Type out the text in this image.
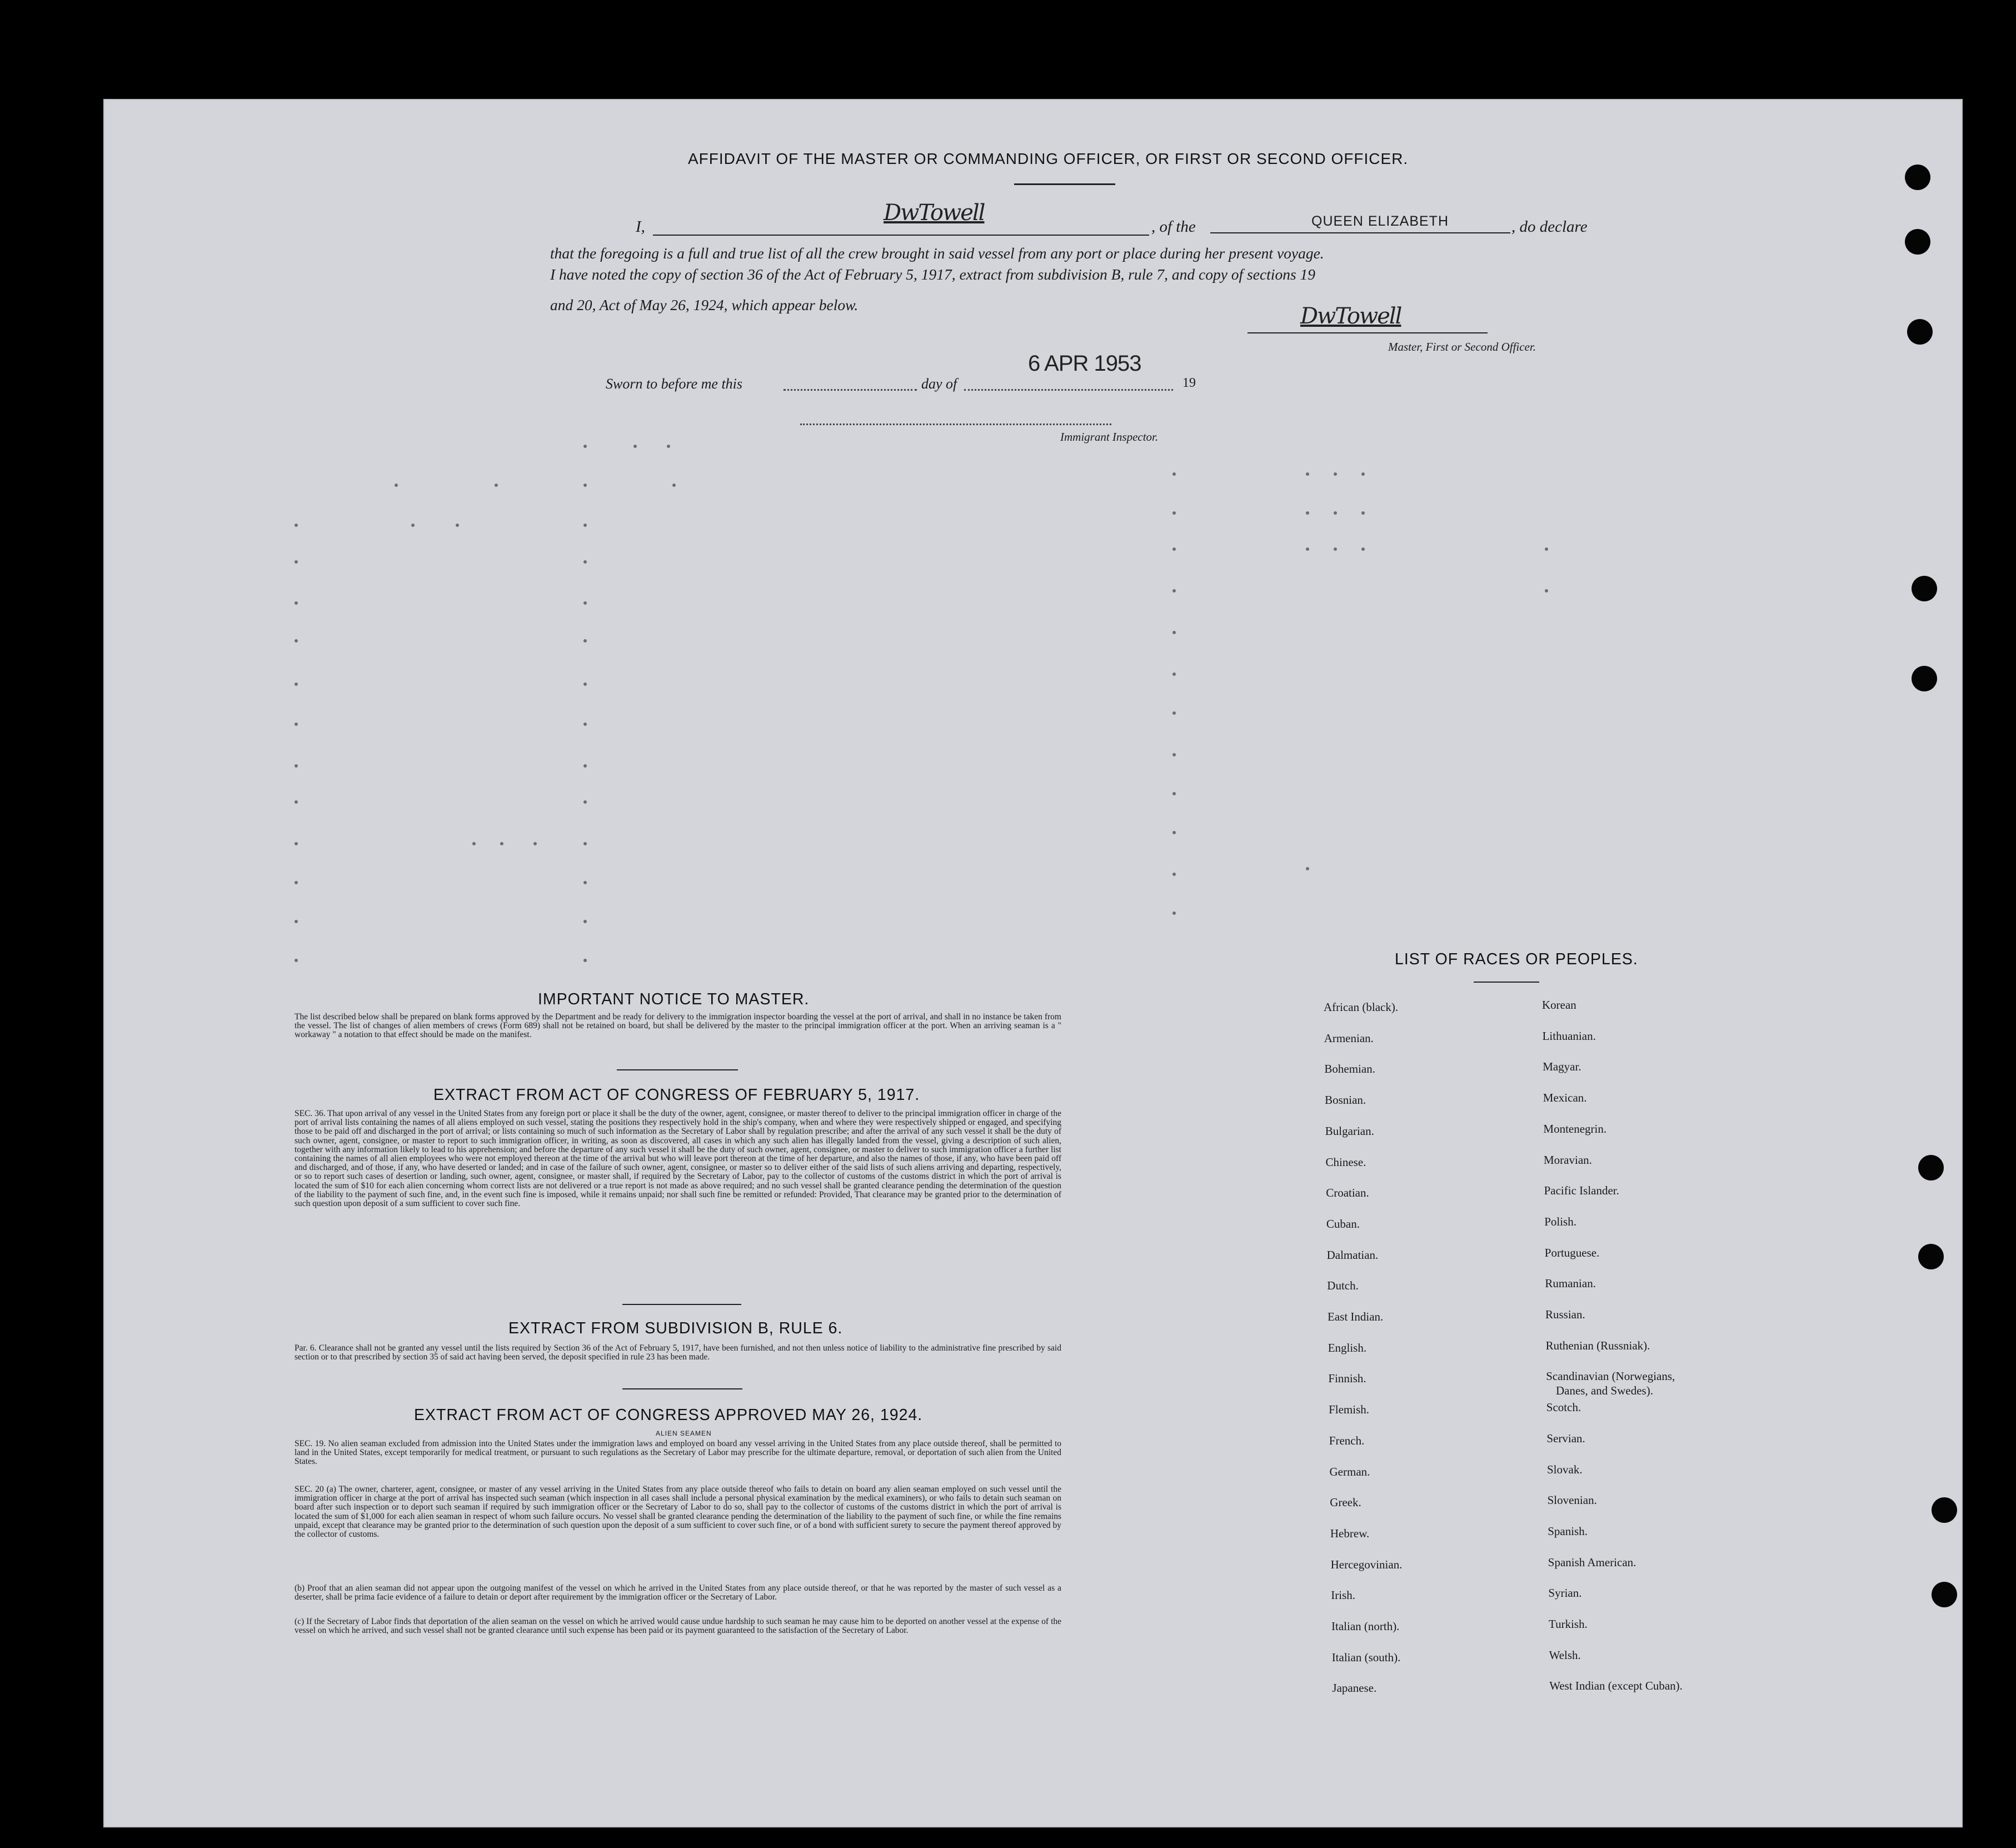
AFFIDAVIT OF THE MASTER OR COMMANDING OFFICER, OR FIRST OR SECOND OFFICER.
I,
DwTowell
, of the	QUEEN ELIZABETH	, do declare
that the foregoing is a full and true list of all the crew brought in said vessel from any port or place during her present voyage.
I have noted the copy of section 36 of the Act of February 5, 1917, extract from subdivision B, rule 7, and copy of sections 19
and 20, Act of May 26, 1924, which appear below.	DwTowell
Master, First or Second Officer.
Sworn to before me this	day of
6 APR 1953
19
Immigrant Inspector.
IMPORTANT NOTICE TO MASTER.
The list described below shall be prepared on blank forms approved by the Department and be ready for delivery to the immigration inspector boarding the vessel at the port of arrival, and shall in no instance be taken from the vessel. The list of changes of alien members of crews (Form 689) shall not be retained on board, but shall be delivered by the master to the principal immigration officer at the port. When an arriving seaman is a " workaway " a notation to that effect should be made on the manifest.
EXTRACT FROM ACT OF CONGRESS OF FEBRUARY 5, 1917.
SEC. 36. That upon arrival of any vessel in the United States from any foreign port or place it shall be the duty of the owner, agent, consignee, or master thereof to deliver to the principal immigration officer in charge of the port of arrival lists containing the names of all aliens employed on such vessel, stating the positions they respectively hold in the ship's company, when and where they were respectively shipped or engaged, and specifying those to be paid off and discharged in the port of arrival; or lists containing so much of such information as the Secretary of Labor shall by regulation prescribe; and after the arrival of any such vessel it shall be the duty of such owner, agent, consignee, or master to report to such immigration officer, in writing, as soon as discovered, all cases in which any such alien has illegally landed from the vessel, giving a description of such alien, together with any information likely to lead to his apprehension; and before the departure of any such vessel it shall be the duty of such owner, agent, consignee, or master to deliver to such immigration officer a further list containing the names of all alien employees who were not employed thereon at the time of the arrival but who will leave port thereon at the time of her departure, and also the names of those, if any, who have been paid off and discharged, and of those, if any, who have deserted or landed; and in case of the failure of such owner, agent, consignee, or master so to deliver either of the said lists of such aliens arriving and departing, respectively, or so to report such cases of desertion or landing, such owner, agent, consignee, or master shall, if required by the Secretary of Labor, pay to the collector of customs of the customs district in which the port of arrival is located the sum of $10 for each alien concerning whom correct lists are not delivered or a true report is not made as above required; and no such vessel shall be granted clearance pending the determination of the question of the liability to the payment of such fine, and, in the event such fine is imposed, while it remains unpaid; nor shall such fine be remitted or refunded: Provided, That clearance may be granted prior to the determination of such question upon deposit of a sum sufficient to cover such fine.
EXTRACT FROM SUBDIVISION B, RULE 6.
Par. 6. Clearance shall not be granted any vessel until the lists required by Section 36 of the Act of February 5, 1917, have been furnished, and not then unless notice of liability to the administrative fine prescribed by said section or to that prescribed by section 35 of said act having been served, the deposit specified in rule 23 has been made.
EXTRACT FROM ACT OF CONGRESS APPROVED MAY 26, 1924.
ALIEN SEAMEN
SEC. 19. No alien seaman excluded from admission into the United States under the immigration laws and employed on board any vessel arriving in the United States from any place outside thereof, shall be permitted to land in the United States, except temporarily for medical treatment, or pursuant to such regulations as the Secretary of Labor may prescribe for the ultimate departure, removal, or deportation of such alien from the United States.
SEC. 20 (a) The owner, charterer, agent, consignee, or master of any vessel arriving in the United States from any place outside thereof who fails to detain on board any alien seaman employed on such vessel until the immigration officer in charge at the port of arrival has inspected such seaman (which inspection in all cases shall include a personal physical examination by the medical examiners), or who fails to detain such seaman on board after such inspection or to deport such seaman if required by such immigration officer or the Secretary of Labor to do so, shall pay to the collector of customs of the customs district in which the port of arrival is located the sum of $1,000 for each alien seaman in respect of whom such failure occurs. No vessel shall be granted clearance pending the determination of the liability to the payment of such fine, or while the fine remains unpaid, except that clearance may be granted prior to the determination of such question upon the deposit of a sum sufficient to cover such fine, or of a bond with sufficient surety to secure the payment thereof approved by the collector of customs.
(b) Proof that an alien seaman did not appear upon the outgoing manifest of the vessel on which he arrived in the United States from any place outside thereof, or that he was reported by the master of such vessel as a deserter, shall be prima facie evidence of a failure to detain or deport after requirement by the immigration officer or the Secretary of Labor.
(c) If the Secretary of Labor finds that deportation of the alien seaman on the vessel on which he arrived would cause undue hardship to such seaman he may cause him to be deported on another vessel at the expense of the vessel on which he arrived, and such vessel shall not be granted clearance until such expense has been paid or its payment guaranteed to the satisfaction of the Secretary of Labor.
LIST OF RACES OR PEOPLES.
African (black).
Armenian.
Bohemian.
Bosnian.
Bulgarian.
Chinese.
Croatian.
Cuban.
Dalmatian.
Dutch.
East Indian.
English.
Finnish.
Flemish.
French.
German.
Greek.
Hebrew.
Hercegovinian.
Irish.
Italian (north).
Italian (south).
Japanese.
Korean
Lithuanian.
Magyar.
Mexican.
Montenegrin.
Moravian.
Pacific Islander.
Polish.
Portuguese.
Rumanian.
Russian.
Ruthenian (Russniak).
Scandinavian (Norwegians,
Scotch.
Servian.
Slovak.
Slovenian.
Spanish.
Spanish American.
Syrian.
Turkish.
Welsh.
West Indian (except Cuban).
Danes, and Swedes).
